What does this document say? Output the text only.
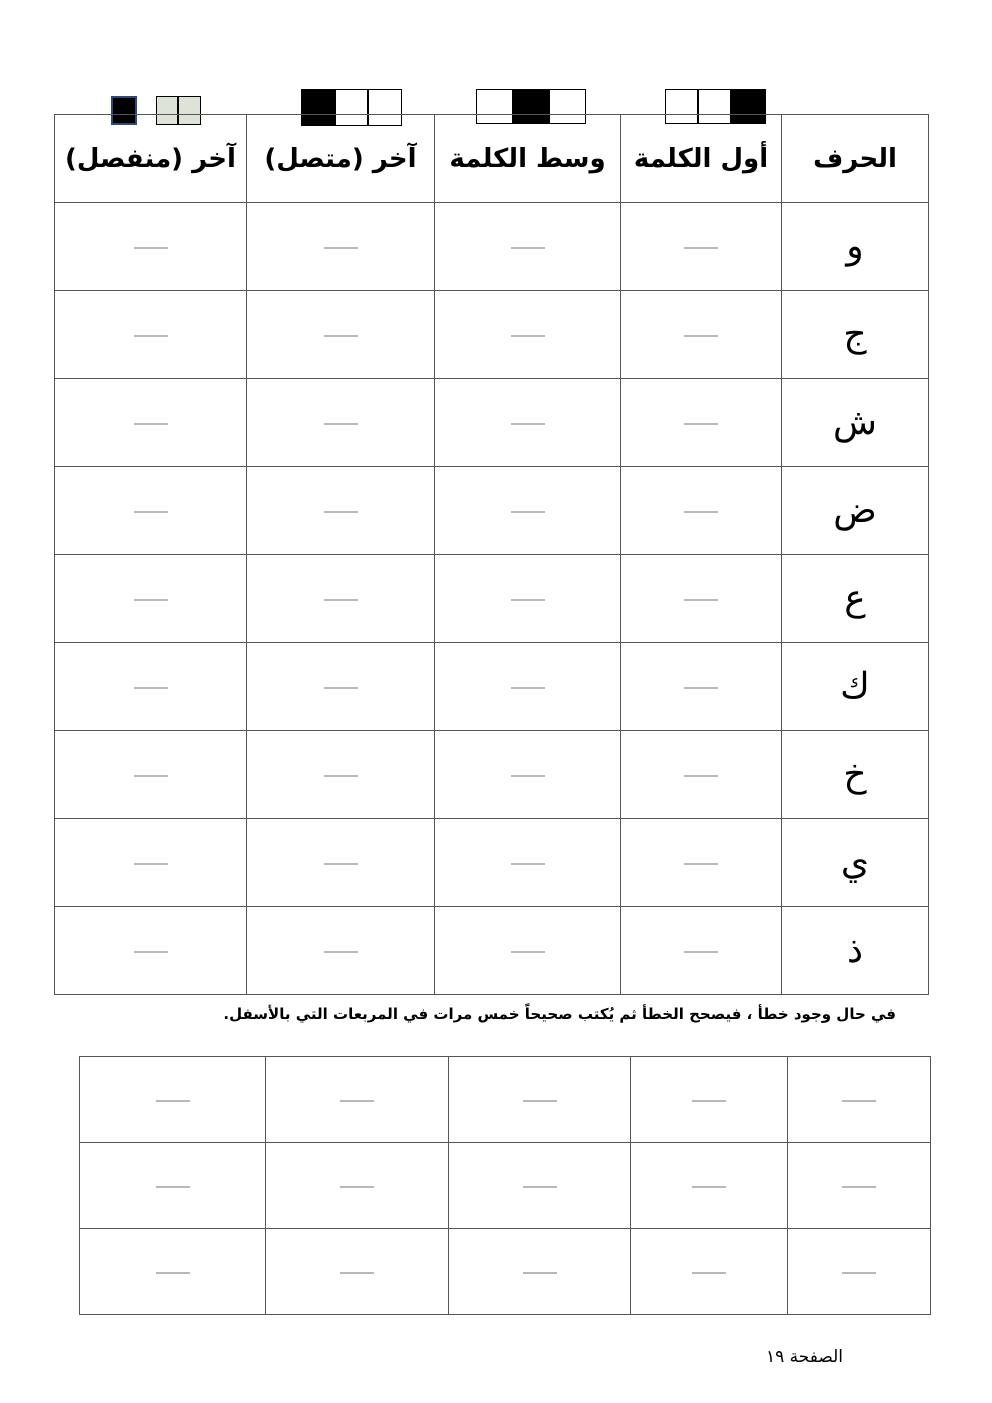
الحرف	أول الكلمة	وسط الكلمة	آخر (متصل)	آخر (منفصل)
و				
ج				
ش				
ض				
ع				
ك				
خ				
ي				
ذ				
في حال وجود خطأ ، فيصحح الخطأ ثم يُكتب صحيحاً خمس مرات في المربعات التي بالأسفل.

الصفحة ١٩
